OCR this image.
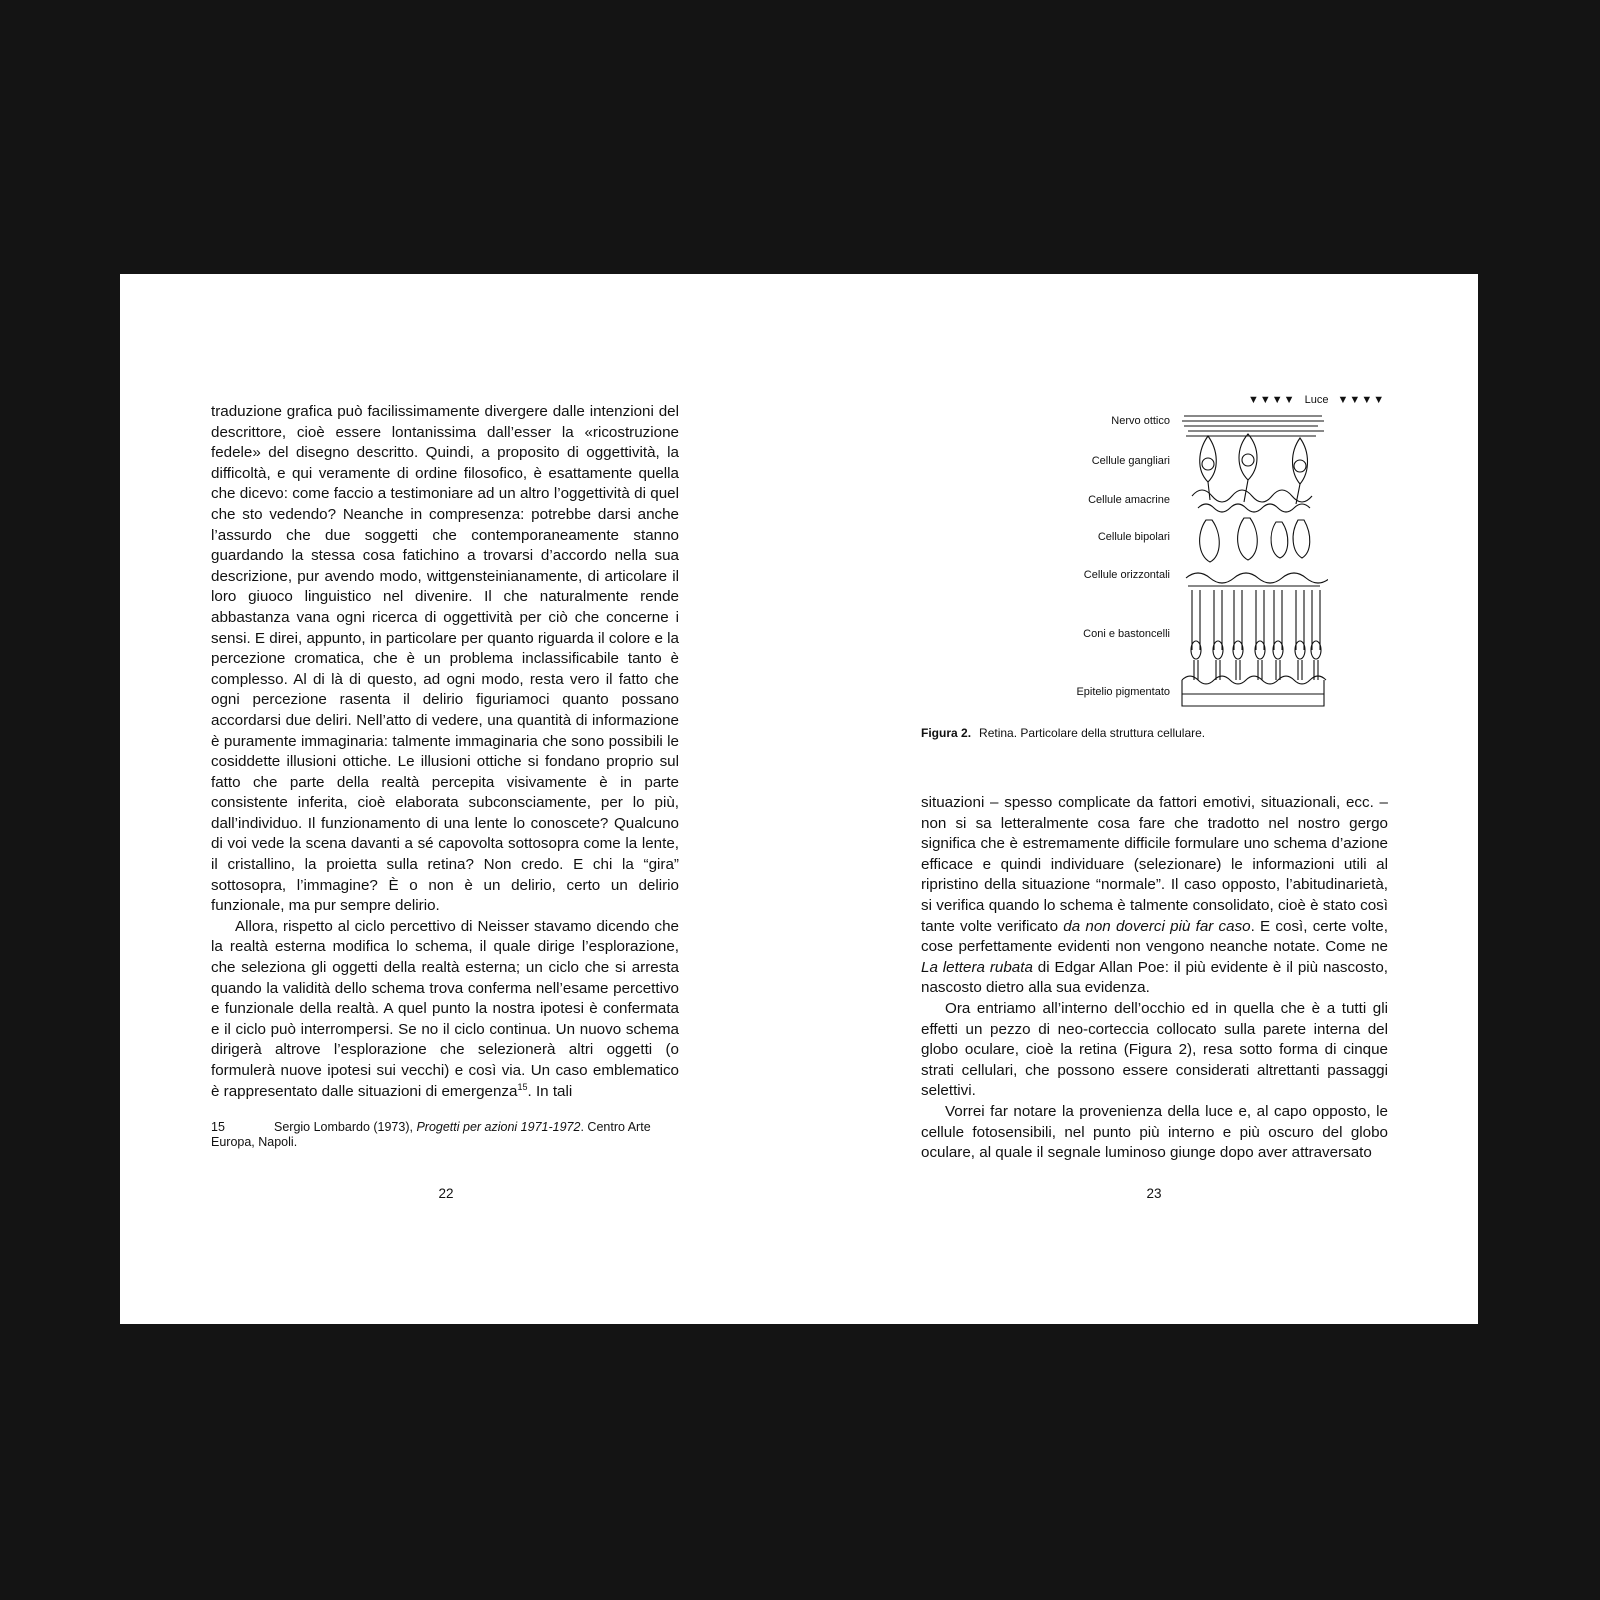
traduzione grafica può facilissimamente divergere dalle intenzioni del descrittore, cioè essere lontanissima dall’esser la «ricostruzione fedele» del disegno descritto. Quindi, a proposito di oggettività, la difficoltà, e qui veramente di ordine filosofico, è esattamente quella che dicevo: come faccio a testimoniare ad un altro l’oggettività di quel che sto vedendo? Neanche in compresenza: potrebbe darsi anche l’assurdo che due soggetti che contemporaneamente stanno guardando la stessa cosa fatichino a trovarsi d’accordo nella sua descrizione, pur avendo modo, wittgensteinianamente, di articolare il loro giuoco linguistico nel divenire. Il che naturalmente rende abbastanza vana ogni ricerca di oggettività per ciò che concerne i sensi. E direi, appunto, in particolare per quanto riguarda il colore e la percezione cromatica, che è un problema inclassificabile tanto è complesso. Al di là di questo, ad ogni modo, resta vero il fatto che ogni percezione rasenta il delirio figuriamoci quanto possano accordarsi due deliri. Nell’atto di vedere, una quantità di informazione è puramente immaginaria: talmente immaginaria che sono possibili le cosiddette illusioni ottiche. Le illusioni ottiche si fondano proprio sul fatto che parte della realtà percepita visivamente è in parte consistente inferita, cioè elaborata subconsciamente, per lo più, dall’individuo. Il funzionamento di una lente lo conoscete? Qualcuno di voi vede la scena davanti a sé capovolta sottosopra come la lente, il cristallino, la proietta sulla retina? Non credo. E chi la “gira” sottosopra, l’immagine? È o non è un delirio, certo un delirio funzionale, ma pur sempre delirio.

Allora, rispetto al ciclo percettivo di Neisser stavamo dicendo che la realtà esterna modifica lo schema, il quale dirige l’esplorazione, che seleziona gli oggetti della realtà esterna; un ciclo che si arresta quando la validità dello schema trova conferma nell’esame percettivo e funzionale della realtà. A quel punto la nostra ipotesi è confermata e il ciclo può interrompersi. Se no il ciclo continua. Un nuovo schema dirigerà altrove l’esplorazione che selezionerà altri oggetti (o formulerà nuove ipotesi sui vecchi) e così via. Un caso emblematico è rappresentato dalle situazioni di emergenza$^{15}$. In tali

15	Sergio Lombardo (1973), Progetti per azioni 1971-1972. Centro Arte Europa, Napoli.
22
▼▼▼▼ Luce ▼▼▼▼
Nervo ottico
Cellule gangliari
Cellule amacrine
Cellule bipolari
Cellule orizzontali
Coni e bastoncelli
Epitelio pigmentato
Figura 2. Retina. Particolare della struttura cellulare.

situazioni – spesso complicate da fattori emotivi, situazionali, ecc. – non si sa letteralmente cosa fare che tradotto nel nostro gergo significa che è estremamente difficile formulare uno schema d’azione efficace e quindi individuare (selezionare) le informazioni utili al ripristino della situazione “normale”. Il caso opposto, l’abitudinarietà, si verifica quando lo schema è talmente consolidato, cioè è stato così tante volte verificato da non doverci più far caso. E così, certe volte, cose perfettamente evidenti non vengono neanche notate. Come ne La lettera rubata di Edgar Allan Poe: il più evidente è il più nascosto, nascosto dietro alla sua evidenza.

Ora entriamo all’interno dell’occhio ed in quella che è a tutti gli effetti un pezzo di neo-corteccia collocato sulla parete interna del globo oculare, cioè la retina (Figura 2), resa sotto forma di cinque strati cellulari, che possono essere considerati altrettanti passaggi selettivi.

Vorrei far notare la provenienza della luce e, al capo opposto, le cellule fotosensibili, nel punto più interno e più oscuro del globo oculare, al quale il segnale luminoso giunge dopo aver attraversato

23
